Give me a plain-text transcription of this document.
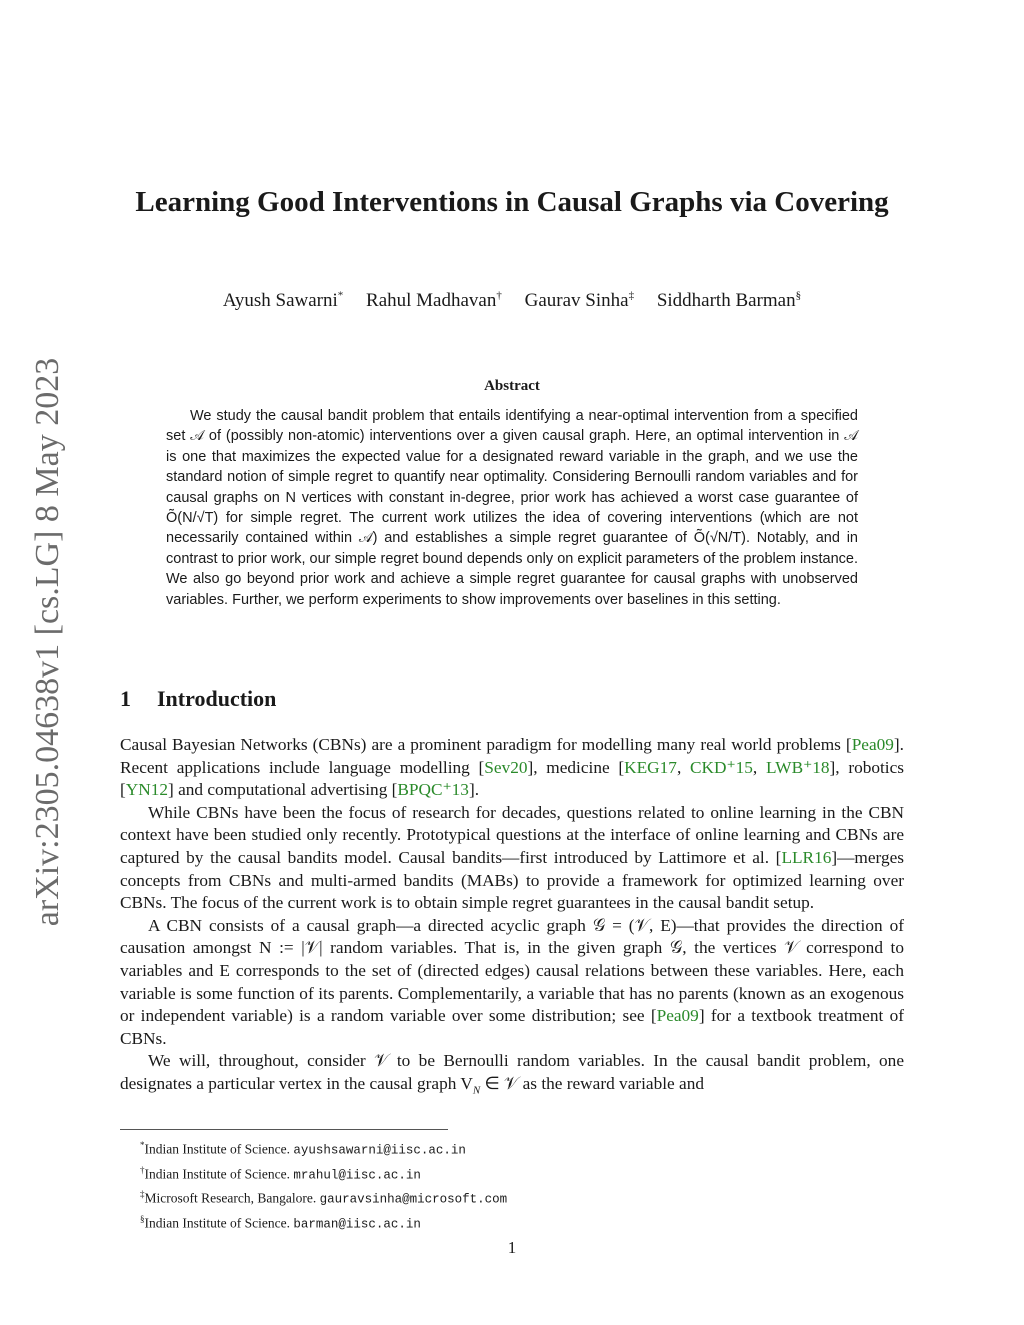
arXiv:2305.04638v1 [cs.LG] 8 May 2023
Learning Good Interventions in Causal Graphs via Covering
Ayush Sawarni* Rahul Madhavan† Gaurav Sinha‡ Siddharth Barman§
Abstract

We study the causal bandit problem that entails identifying a near-optimal intervention from a specified set 𝒜 of (possibly non-atomic) interventions over a given causal graph. Here, an optimal intervention in 𝒜 is one that maximizes the expected value for a designated reward variable in the graph, and we use the standard notion of simple regret to quantify near optimality. Considering Bernoulli random variables and for causal graphs on N vertices with constant in-degree, prior work has achieved a worst case guarantee of Õ(N/√T) for simple regret. The current work utilizes the idea of covering interventions (which are not necessarily contained within 𝒜) and establishes a simple regret guarantee of Õ(√N/T). Notably, and in contrast to prior work, our simple regret bound depends only on explicit parameters of the problem instance. We also go beyond prior work and achieve a simple regret guarantee for causal graphs with unobserved variables. Further, we perform experiments to show improvements over baselines in this setting.

1 Introduction

Causal Bayesian Networks (CBNs) are a prominent paradigm for modelling many real world problems [Pea09]. Recent applications include language modelling [Sev20], medicine [KEG17, CKD⁺15, LWB⁺18], robotics [YN12] and computational advertising [BPQC⁺13].

While CBNs have been the focus of research for decades, questions related to online learning in the CBN context have been studied only recently. Prototypical questions at the interface of online learning and CBNs are captured by the causal bandits model. Causal bandits—first introduced by Lattimore et al. [LLR16]—merges concepts from CBNs and multi-armed bandits (MABs) to provide a framework for optimized learning over CBNs. The focus of the current work is to obtain simple regret guarantees in the causal bandit setup.

A CBN consists of a causal graph—a directed acyclic graph 𝒢 = (𝒱, E)—that provides the direction of causation amongst N := |𝒱| random variables. That is, in the given graph 𝒢, the vertices 𝒱 correspond to variables and E corresponds to the set of (directed edges) causal relations between these variables. Here, each variable is some function of its parents. Complementarily, a variable that has no parents (known as an exogenous or independent variable) is a random variable over some distribution; see [Pea09] for a textbook treatment of CBNs.

We will, throughout, consider 𝒱 to be Bernoulli random variables. In the causal bandit problem, one designates a particular vertex in the causal graph $V_N$ ∈ 𝒱 as the reward variable and

*Indian Institute of Science. ayushsawarni@iisc.ac.in
†Indian Institute of Science. mrahul@iisc.ac.in
‡Microsoft Research, Bangalore. gauravsinha@microsoft.com
§Indian Institute of Science. barman@iisc.ac.in
1
